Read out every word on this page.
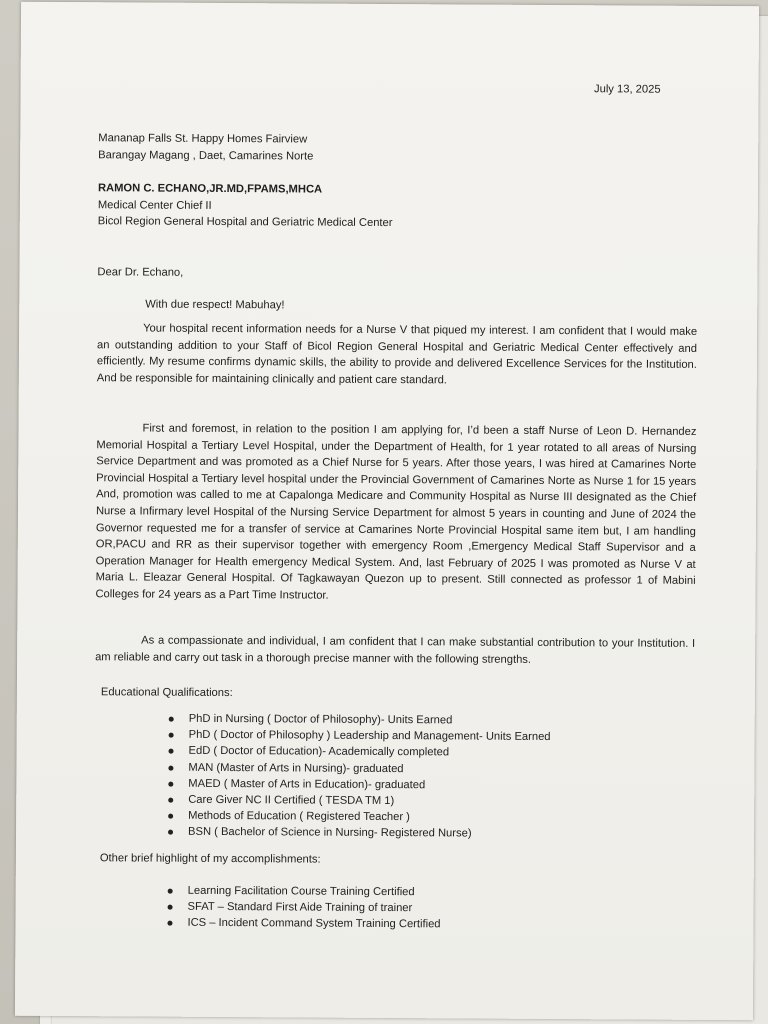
July 13, 2025
Mananap Falls St. Happy Homes Fairview
Barangay Magang , Daet, Camarines Norte
RAMON C. ECHANO,JR.MD,FPAMS,MHCA
Medical Center Chief II
Bicol Region General Hospital and Geriatric Medical Center
Dear Dr. Echano,
With due respect! Mabuhay!
Your hospital recent information needs for a Nurse V that piqued my interest. I am confident that I would make an outstanding addition to your Staff of Bicol Region General Hospital and Geriatric Medical Center effectively and efficiently. My resume confirms dynamic skills, the ability to provide and delivered Excellence Services for the Institution. And be responsible for maintaining clinically and patient care standard.
First and foremost, in relation to the position I am applying for, I’d been a staff Nurse of Leon D. Hernandez Memorial Hospital a Tertiary Level Hospital, under the Department of Health, for 1 year rotated to all areas of Nursing Service Department and was promoted as a Chief Nurse for 5 years. After those years, I was hired at Camarines Norte Provincial Hospital a Tertiary level hospital under the Provincial Government of Camarines Norte as Nurse 1 for 15 years And, promotion was called to me at Capalonga Medicare and Community Hospital as Nurse III designated as the Chief Nurse a Infirmary level Hospital of the Nursing Service Department for almost 5 years in counting and June of 2024 the Governor requested me for a transfer of service at Camarines Norte Provincial Hospital same item but, I am handling OR,PACU and RR as their supervisor together with emergency Room ,Emergency Medical Staff Supervisor and a Operation Manager for Health emergency Medical System. And, last February of 2025 I was promoted as Nurse V at Maria L. Eleazar General Hospital. Of Tagkawayan Quezon up to present. Still connected as professor 1 of Mabini Colleges for 24 years as a Part Time Instructor.
As a compassionate and individual, I am confident that I can make substantial contribution to your Institution. I am reliable and carry out task in a thorough precise manner with the following strengths.
Educational Qualifications:
PhD in Nursing ( Doctor of Philosophy)- Units Earned
PhD ( Doctor of Philosophy ) Leadership and Management- Units Earned
EdD ( Doctor of Education)- Academically completed
MAN (Master of Arts in Nursing)- graduated
MAED ( Master of Arts in Education)- graduated
Care Giver NC II Certified ( TESDA TM 1)
Methods of Education ( Registered Teacher )
BSN ( Bachelor of Science in Nursing- Registered Nurse)
Other brief highlight of my accomplishments:
Learning Facilitation Course Training Certified
SFAT – Standard First Aide Training of trainer
ICS – Incident Command System Training Certified
